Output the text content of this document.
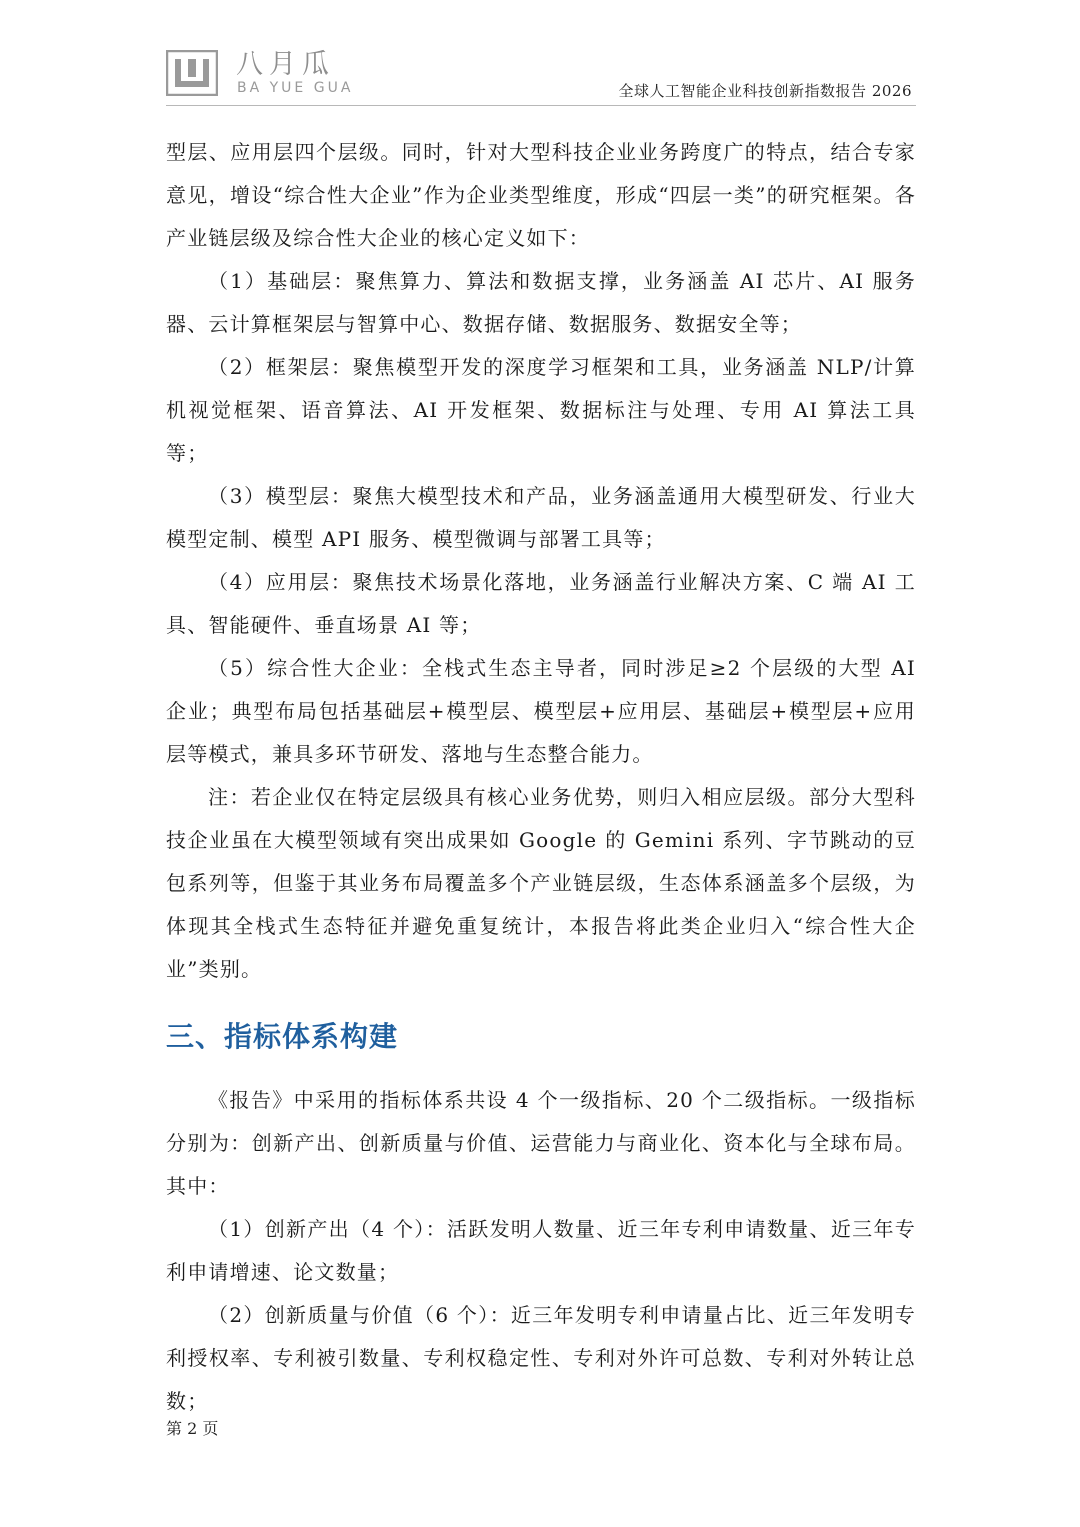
八月瓜
BA YUE GUA	全球人工智能企业科技创新指数报告 2026

型层、应用层四个层级。同时，针对大型科技企业业务跨度广的特点，结合专家意见，增设“综合性大企业”作为企业类型维度，形成“四层一类”的研究框架。各产业链层级及综合性大企业的核心定义如下：

（1）基础层：聚焦算力、算法和数据支撑，业务涵盖 AI 芯片、AI 服务器、云计算框架层与智算中心、数据存储、数据服务、数据安全等；

（2）框架层：聚焦模型开发的深度学习框架和工具，业务涵盖 NLP/计算机视觉框架、语音算法、AI 开发框架、数据标注与处理、专用 AI 算法工具等；

（3）模型层：聚焦大模型技术和产品，业务涵盖通用大模型研发、行业大模型定制、模型 API 服务、模型微调与部署工具等；

（4）应用层：聚焦技术场景化落地，业务涵盖行业解决方案、C 端 AI 工具、智能硬件、垂直场景 AI 等；

（5）综合性大企业：全栈式生态主导者，同时涉足≥2 个层级的大型 AI 企业；典型布局包括基础层+模型层、模型层+应用层、基础层+模型层+应用层等模式，兼具多环节研发、落地与生态整合能力。

注：若企业仅在特定层级具有核心业务优势，则归入相应层级。部分大型科技企业虽在大模型领域有突出成果如 Google 的 Gemini 系列、字节跳动的豆包系列等，但鉴于其业务布局覆盖多个产业链层级，生态体系涵盖多个层级，为体现其全栈式生态特征并避免重复统计，本报告将此类企业归入“综合性大企业”类别。

三、指标体系构建

《报告》中采用的指标体系共设 4 个一级指标、20 个二级指标。一级指标分别为：创新产出、创新质量与价值、运营能力与商业化、资本化与全球布局。其中：

（1）创新产出（4 个）：活跃发明人数量、近三年专利申请数量、近三年专利申请增速、论文数量；

（2）创新质量与价值（6 个）：近三年发明专利申请量占比、近三年发明专利授权率、专利被引数量、专利权稳定性、专利对外许可总数、专利对外转让总数；

第 2 页
